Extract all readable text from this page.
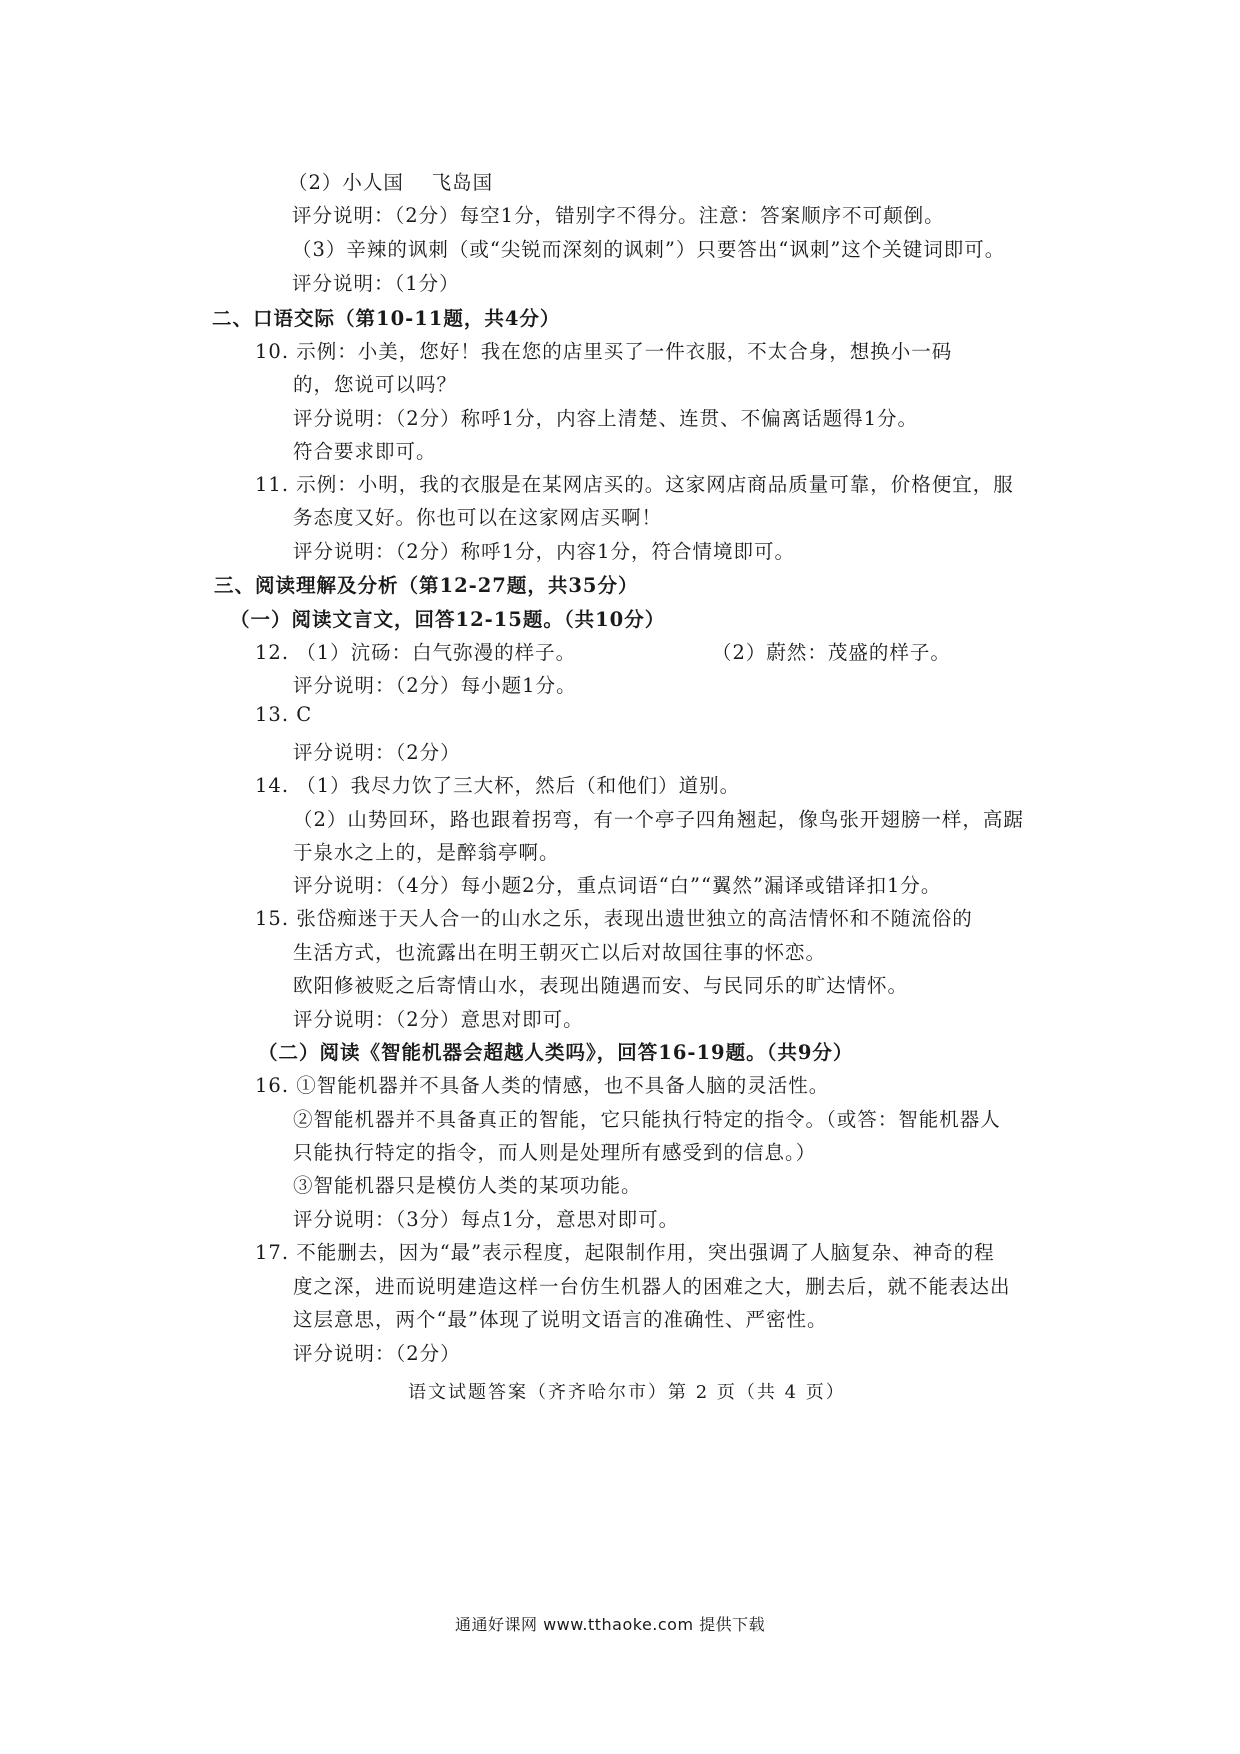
（2）小人国　 飞岛国
评分说明：（2分）每空1分，错别字不得分。注意：答案顺序不可颠倒。
（3）辛辣的讽刺（或“尖锐而深刻的讽刺”）只要答出“讽刺”这个关键词即可。
评分说明：（1分）
二、口语交际（第10-11题，共4分）
10. 示例：小美，您好！我在您的店里买了一件衣服，不太合身，想换小一码
的，您说可以吗？
评分说明：（2分）称呼1分，内容上清楚、连贯、不偏离话题得1分。
符合要求即可。
11. 示例：小明，我的衣服是在某网店买的。这家网店商品质量可靠，价格便宜，服
务态度又好。你也可以在这家网店买啊！
评分说明：（2分）称呼1分，内容1分，符合情境即可。
三、阅读理解及分析（第12-27题，共35分）
（一）阅读文言文，回答12-15题。（共10分）
12. （1）沆砀：白气弥漫的样子。	（2）蔚然：茂盛的样子。
评分说明：（2分）每小题1分。
13. C
评分说明：（2分）
14. （1）我尽力饮了三大杯，然后（和他们）道别。
（2）山势回环，路也跟着拐弯，有一个亭子四角翘起，像鸟张开翅膀一样，高踞
于泉水之上的，是醉翁亭啊。
评分说明：（4分）每小题2分，重点词语“白”“翼然”漏译或错译扣1分。
15. 张岱痴迷于天人合一的山水之乐，表现出遗世独立的高洁情怀和不随流俗的
生活方式，也流露出在明王朝灭亡以后对故国往事的怀恋。
欧阳修被贬之后寄情山水，表现出随遇而安、与民同乐的旷达情怀。
评分说明：（2分）意思对即可。
（二）阅读《智能机器会超越人类吗》，回答16-19题。（共9分）
16. ①智能机器并不具备人类的情感，也不具备人脑的灵活性。
②智能机器并不具备真正的智能，它只能执行特定的指令。（或答：智能机器人
只能执行特定的指令，而人则是处理所有感受到的信息。）
③智能机器只是模仿人类的某项功能。
评分说明：（3分）每点1分，意思对即可。
17. 不能删去，因为“最”表示程度，起限制作用，突出强调了人脑复杂、神奇的程
度之深，进而说明建造这样一台仿生机器人的困难之大，删去后，就不能表达出
这层意思，两个“最”体现了说明文语言的准确性、严密性。
评分说明：（2分）
语文试题答案（齐齐哈尔市）第 2 页（共 4 页）
通通好课网 www.tthaoke.com 提供下载
